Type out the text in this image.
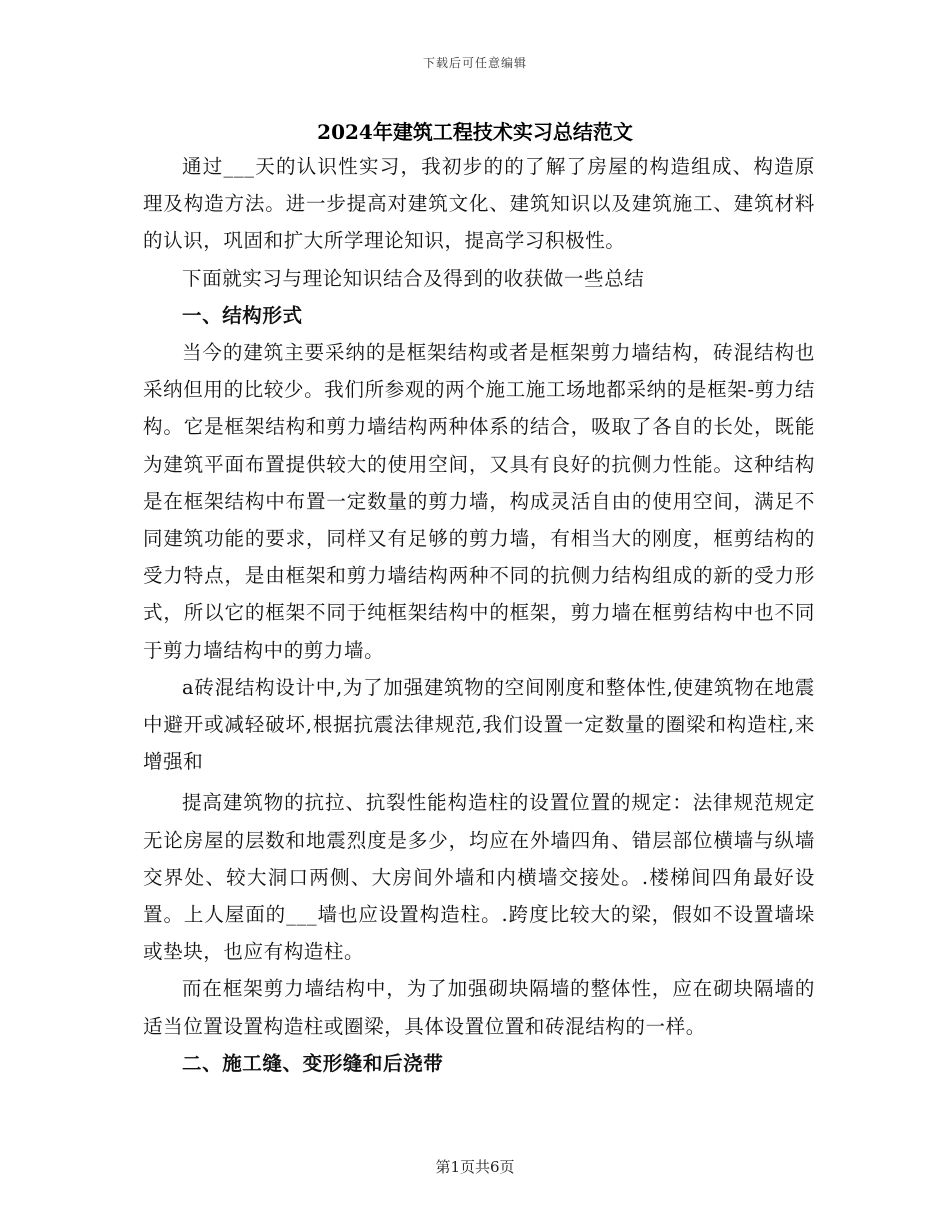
下载后可任意编辑
2024年建筑工程技术实习总结范文

通过___天的认识性实习，我初步的的了解了房屋的构造组成、构造原理及构造方法。进一步提高对建筑文化、建筑知识以及建筑施工、建筑材料的认识，巩固和扩大所学理论知识，提高学习积极性。

下面就实习与理论知识结合及得到的收获做一些总结

一、结构形式

当今的建筑主要采纳的是框架结构或者是框架剪力墙结构，砖混结构也采纳但用的比较少。我们所参观的两个施工施工场地都采纳的是框架-剪力结构。它是框架结构和剪力墙结构两种体系的结合，吸取了各自的长处，既能为建筑平面布置提供较大的使用空间，又具有良好的抗侧力性能。这种结构是在框架结构中布置一定数量的剪力墙，构成灵活自由的使用空间，满足不同建筑功能的要求，同样又有足够的剪力墙，有相当大的刚度，框剪结构的受力特点，是由框架和剪力墙结构两种不同的抗侧力结构组成的新的受力形式，所以它的框架不同于纯框架结构中的框架，剪力墙在框剪结构中也不同于剪力墙结构中的剪力墙。

a砖混结构设计中,为了加强建筑物的空间刚度和整体性,使建筑物在地震中避开或减轻破坏,根据抗震法律规范,我们设置一定数量的圈梁和构造柱,来增强和

提高建筑物的抗拉、抗裂性能构造柱的设置位置的规定：法律规范规定无论房屋的层数和地震烈度是多少，均应在外墙四角、错层部位横墙与纵墙交界处、较大洞口两侧、大房间外墙和内横墙交接处。.楼梯间四角最好设置。上人屋面的___墙也应设置构造柱。.跨度比较大的梁，假如不设置墙垛或垫块，也应有构造柱。

而在框架剪力墙结构中，为了加强砌块隔墙的整体性，应在砌块隔墙的适当位置设置构造柱或圈梁，具体设置位置和砖混结构的一样。

二、施工缝、变形缝和后浇带

第1页共6页
